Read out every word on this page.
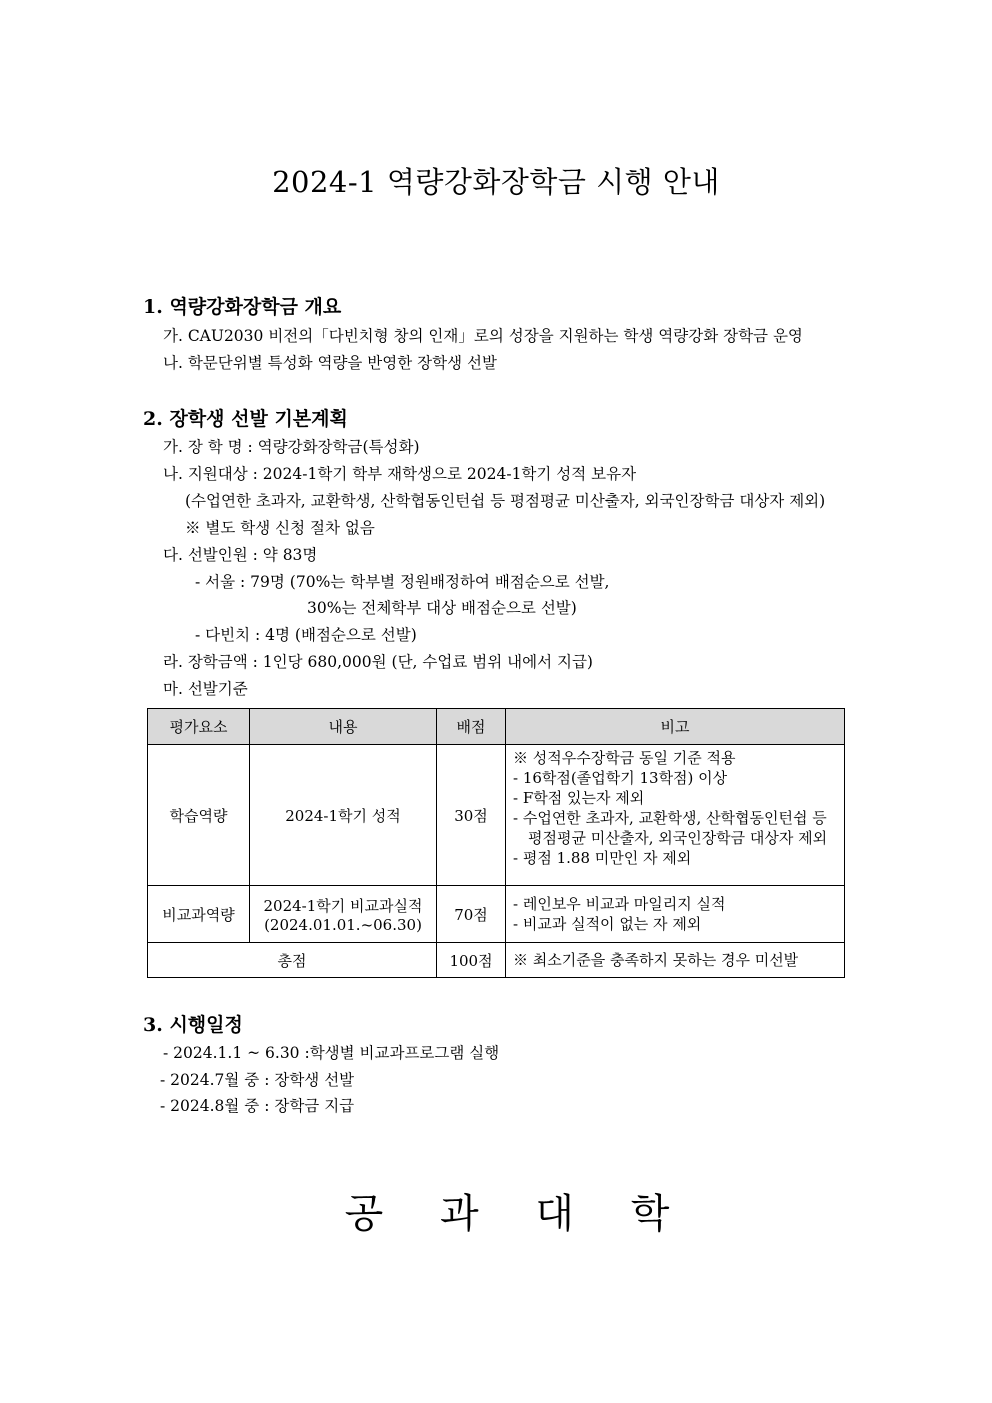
2024-1 역량강화장학금 시행 안내
1. 역량강화장학금 개요
가. CAU2030 비전의「다빈치형 창의 인재」로의 성장을 지원하는 학생 역량강화 장학금 운영
나. 학문단위별 특성화 역량을 반영한 장학생 선발
2. 장학생 선발 기본계획
가. 장 학 명 : 역량강화장학금(특성화)
나. 지원대상 : 2024-1학기 학부 재학생으로 2024-1학기 성적 보유자
(수업연한 초과자, 교환학생, 산학협동인턴쉽 등 평점평균 미산출자, 외국인장학금 대상자 제외)
※ 별도 학생 신청 절차 없음
다. 선발인원 : 약 83명
- 서울 : 79명 (70%는 학부별 정원배정하여 배점순으로 선발,
30%는 전체학부 대상 배점순으로 선발)
- 다빈치 : 4명 (배점순으로 선발)
라. 장학금액 : 1인당 680,000원 (단, 수업료 범위 내에서 지급)
마. 선발기준
평가요소	내용	배점	비고
학습역량	2024-1학기 성적	30점	※ 성적우수장학금 동일 기준 적용
- 16학점(졸업학기 13학점) 이상
- F학점 있는자 제외
- 수업연한 초과자, 교환학생, 산학협동인턴쉽 등 평점평균 미산출자, 외국인장학금 대상자 제외
- 평점 1.88 미만인 자 제외

비교과역량	2024-1학기 비교과실적
(2024.01.01.~06.30)	70점	- 레인보우 비교과 마일리지 실적
- 비교과 실적이 없는 자 제외

총점		100점	※ 최소기준을 충족하지 못하는 경우 미선발
3. 시행일정
- 2024.1.1 ~ 6.30 :학생별 비교과프로그램 실행
- 2024.7월 중 : 장학생 선발
- 2024.8월 중 : 장학금 지급
공 과 대 학
